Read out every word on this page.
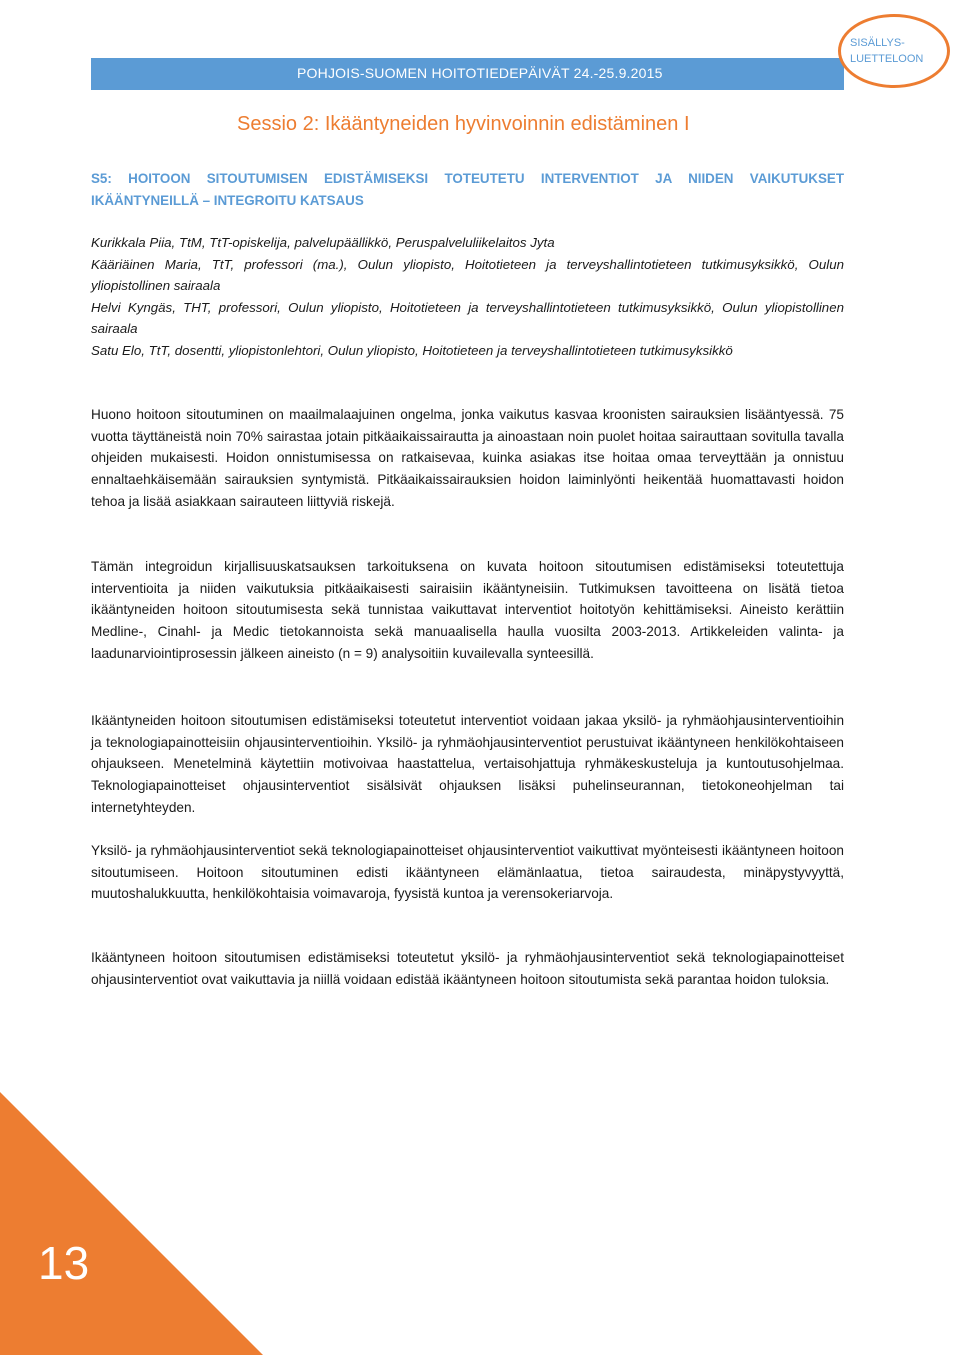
POHJOIS-SUOMEN HOITOTIEDEPÄIVÄT 24.-25.9.2015
SISÄLLYS-
LUETTELOON
Sessio 2: Ikääntyneiden hyvinvoinnin edistäminen I
S5: HOITOON SITOUTUMISEN EDISTÄMISEKSI TOTEUTETU INTERVENTIOT JA NIIDEN VAIKUTUKSET IKÄÄNTYNEILLÄ – INTEGROITU KATSAUS

Kurikkala Piia, TtM, TtT-opiskelija, palvelupäällikkö, Peruspalveluliikelaitos Jyta

Kääriäinen Maria, TtT, professori (ma.), Oulun yliopisto, Hoitotieteen ja terveyshallintotieteen tutkimusyksikkö, Oulun yliopistollinen sairaala

Helvi Kyngäs, THT, professori, Oulun yliopisto, Hoitotieteen ja terveyshallintotieteen tutkimusyksikkö, Oulun yliopistollinen sairaala

Satu Elo, TtT, dosentti, yliopistonlehtori, Oulun yliopisto, Hoitotieteen ja terveyshallintotieteen tutkimusyksikkö

Huono hoitoon sitoutuminen on maailmalaajuinen ongelma, jonka vaikutus kasvaa kroonisten sairauksien lisääntyessä. 75 vuotta täyttäneistä noin 70% sairastaa jotain pitkäaikaissairautta ja ainoastaan noin puolet hoitaa sairauttaan sovitulla tavalla ohjeiden mukaisesti. Hoidon onnistumisessa on ratkaisevaa, kuinka asiakas itse hoitaa omaa terveyttään ja onnistuu ennaltaehkäisemään sairauksien syntymistä. Pitkäaikaissairauksien hoidon laiminlyönti heikentää huomattavasti hoidon tehoa ja lisää asiakkaan sairauteen liittyviä riskejä.

Tämän integroidun kirjallisuuskatsauksen tarkoituksena on kuvata hoitoon sitoutumisen edistämiseksi toteutettuja interventioita ja niiden vaikutuksia pitkäaikaisesti sairaisiin ikääntyneisiin. Tutkimuksen tavoitteena on lisätä tietoa ikääntyneiden hoitoon sitoutumisesta sekä tunnistaa vaikuttavat interventiot hoitotyön kehittämiseksi. Aineisto kerättiin Medline-, Cinahl- ja Medic tietokannoista sekä manuaalisella haulla vuosilta 2003-2013. Artikkeleiden valinta- ja laadunarviointiprosessin jälkeen aineisto (n = 9) analysoitiin kuvailevalla synteesillä.

Ikääntyneiden hoitoon sitoutumisen edistämiseksi toteutetut interventiot voidaan jakaa yksilö- ja ryhmäohjausinterventioihin ja teknologiapainotteisiin ohjausinterventioihin. Yksilö- ja ryhmäohjausinterventiot perustuivat ikääntyneen henkilökohtaiseen ohjaukseen. Menetelminä käytettiin motivoivaa haastattelua, vertaisohjattuja ryhmäkeskusteluja ja kuntoutusohjelmaa. Teknologiapainotteiset ohjausinterventiot sisälsivät ohjauksen lisäksi puhelinseurannan, tietokoneohjelman tai internetyhteyden.

Yksilö- ja ryhmäohjausinterventiot sekä teknologiapainotteiset ohjausinterventiot vaikuttivat myönteisesti ikääntyneen hoitoon sitoutumiseen. Hoitoon sitoutuminen edisti ikääntyneen elämänlaatua, tietoa sairaudesta, minäpystyvyyttä, muutoshalukkuutta, henkilökohtaisia voimavaroja, fyysistä kuntoa ja verensokeriarvoja.

Ikääntyneen hoitoon sitoutumisen edistämiseksi toteutetut yksilö- ja ryhmäohjausinterventiot sekä teknologiapainotteiset ohjausinterventiot ovat vaikuttavia ja niillä voidaan edistää ikääntyneen hoitoon sitoutumista sekä parantaa hoidon tuloksia.

13
